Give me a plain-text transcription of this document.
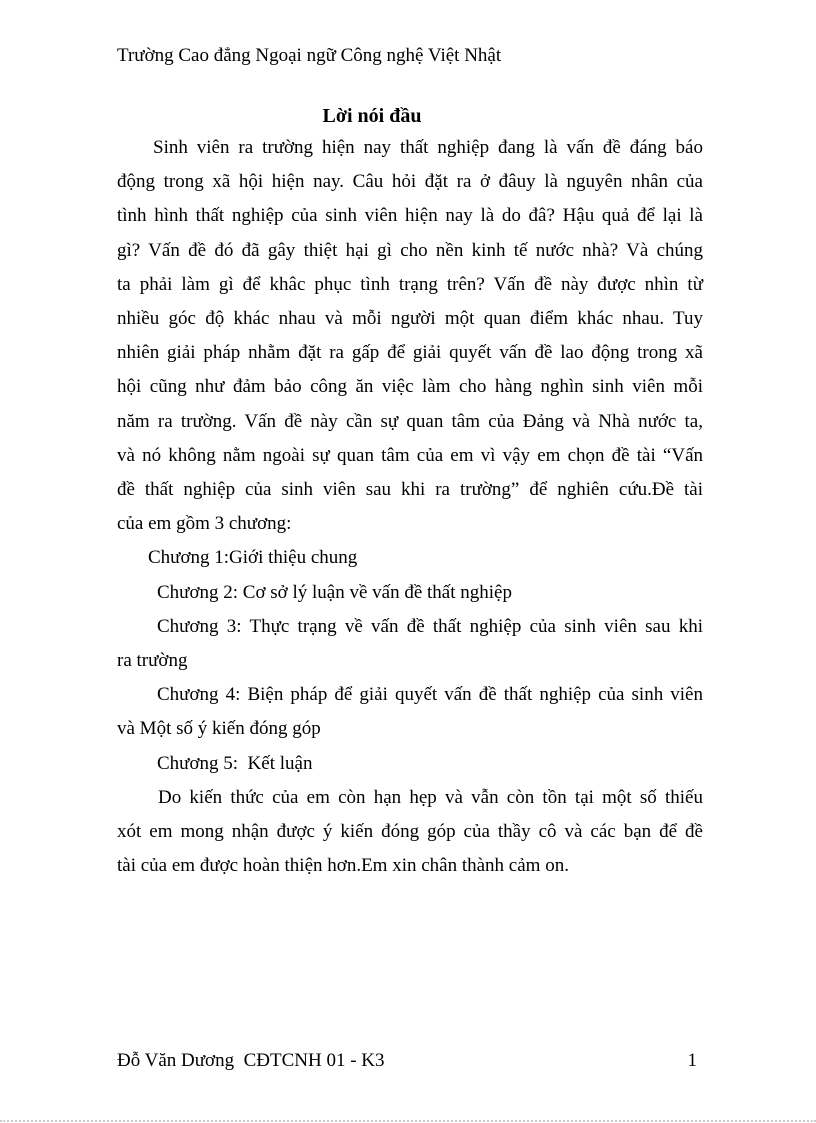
Trường Cao đẳng Ngoại ngữ Công nghệ Việt Nhật
Lời nói đầu
Sinh viên ra trường hiện nay thất nghiệp đang là vấn đề đáng báo
động trong xã hội hiện nay. Câu hỏi đặt ra ở đâuy là nguyên nhân của
tình hình thất nghiệp của sinh viên hiện nay là do đâ? Hậu quả để lại là
gì? Vấn đề đó đã gây thiệt hại gì cho nền kinh tế nước nhà? Và chúng
ta phải làm gì để khâc phục tình trạng trên? Vấn đề này được nhìn từ
nhiều góc độ khác nhau và mỗi người một quan điểm khác nhau. Tuy
nhiên giải pháp nhằm đặt ra gấp để giải quyết vấn đề lao động trong xã
hội cũng như đảm bảo công ăn việc làm cho hàng nghìn sinh viên mỗi
năm ra trường. Vấn đề này cần sự quan tâm của Đảng và Nhà nước ta,
và nó không nằm ngoài sự quan tâm của em vì vậy em chọn đề tài “Vấn
đề thất nghiệp của sinh viên sau khi ra trường” để nghiên cứu.Đề tài
của em gồm 3 chương:
Chương 1:Giới thiệu chung
Chương 2: Cơ sở lý luận về vấn đề thất nghiệp
Chương 3: Thực trạng về vấn đề thất nghiệp của sinh viên sau khi
ra trường
Chương 4: Biện pháp để giải quyết vấn đề thất nghiệp của sinh viên
và Một số ý kiến đóng góp
Chương 5:  Kết luận
Do kiến thức của em còn hạn hẹp và vẫn còn tồn tại một số thiếu
xót em mong nhận được ý kiến đóng góp của thầy cô và các bạn để đề
tài của em được hoàn thiện hơn.Em xin chân thành cảm on.
Đỗ Văn Dương  CĐTCNH 01 - K3	1
